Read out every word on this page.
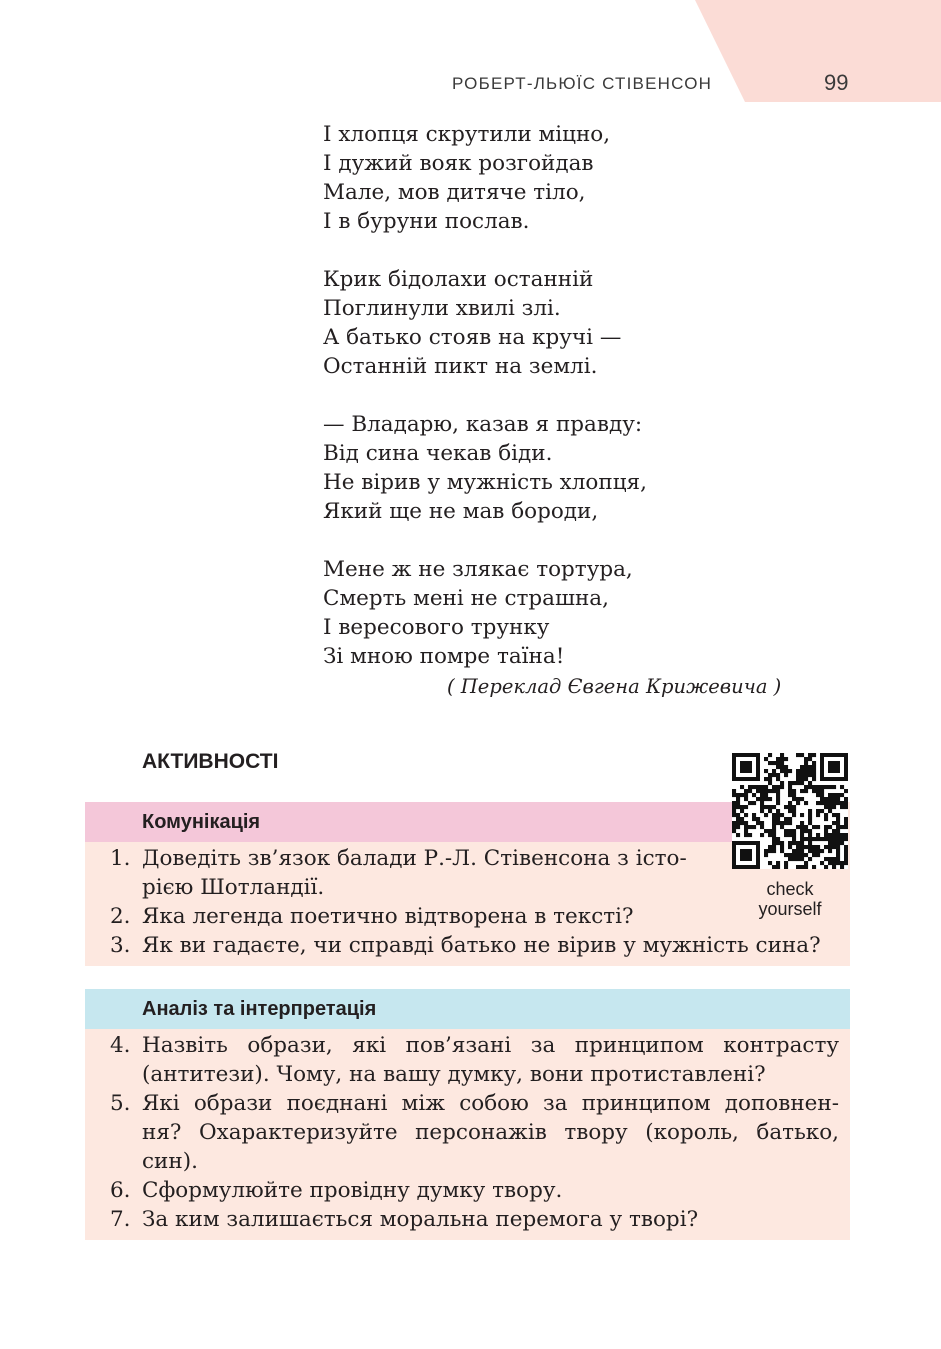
РОБЕРТ-ЛЬЮЇС СТІВЕНСОН	99
І хлопця скрутили міцно,
І дужий вояк розгойдав
Мале, мов дитяче тіло,
І в буруни послав.
Крик бідолахи останній
Поглинули хвилі злі.
А батько стояв на кручі —
Останній пикт на землі.
— Владарю, казав я правду:
Від сина чекав біди.
Не вірив у мужність хлопця,
Який ще не мав бороди,
Мене ж не злякає тортура,
Смерть мені не страшна,
І вересового трунку
Зі мною помре таїна!
( Переклад Євгена Крижевича )
АКТИВНОСТІ
Комунікація
1. Доведіть зв’язок балади Р.-Л. Стівенсона з істо-
рією Шотландії.
2. Яка легенда поетично відтворена в тексті?
3. Як ви гадаєте, чи справді батько не вірив у мужність сина?
check
yourself
Аналіз та інтерпретація
4. Назвіть образи, які пов’язані за принципом контрасту
(антитези). Чому, на вашу думку, вони протиставлені?
5. Які образи поєднані між собою за принципом доповнен-
ня? Охарактеризуйте персонажів твору (король, батько,
син).
6. Сформулюйте провідну думку твору.
7. За ким залишається моральна перемога у творі?
